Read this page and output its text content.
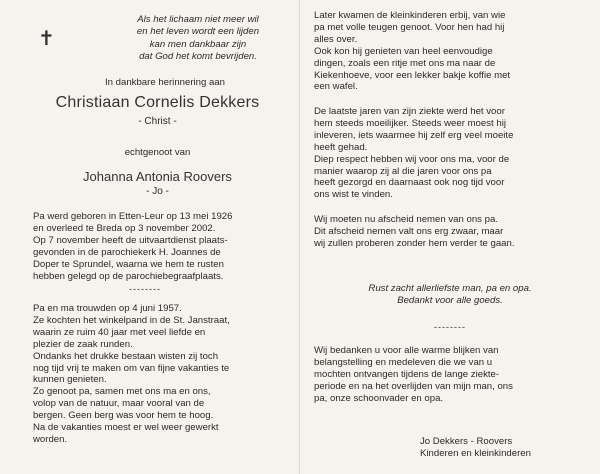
✝
Als het lichaam niet meer wil
en het leven wordt een lijden
kan men dankbaar zijn
dat God het komt bevrijden.
In dankbare herinnering aan
Christiaan Cornelis Dekkers
- Christ -
echtgenoot van
Johanna Antonia Roovers
- Jo -
Pa werd geboren in Etten-Leur op 13 mei 1926
en overleed te Breda op 3 november 2002.
Op 7 november heeft de uitvaartdienst plaats-
gevonden in de parochiekerk H. Joannes de
Doper te Sprundel, waarna we hem te rusten
hebben gelegd op de parochiebegraafplaats.
--------
Pa en ma trouwden op 4 juni 1957.
Ze kochten het winkelpand in de St. Janstraat,
waarin ze ruim 40 jaar met veel liefde en
plezier de zaak runden.
Ondanks het drukke bestaan wisten zij toch
nog tijd vrij te maken om van fijne vakanties te
kunnen genieten.
Zo genoot pa, samen met ons ma en ons,
volop van de natuur, maar vooral van de
bergen. Geen berg was voor hem te hoog.
Na de vakanties moest er wel weer gewerkt
worden.
Later kwamen de kleinkinderen erbij, van wie
pa met volle teugen genoot. Voor hen had hij
alles over.
Ook kon hij genieten van heel eenvoudige
dingen, zoals een ritje met ons ma naar de
Kiekenhoeve, voor een lekker bakje koffie met
een wafel.
De laatste jaren van zijn ziekte werd het voor
hem steeds moeilijker. Steeds weer moest hij
inleveren, iets waarmee hij zelf erg veel moeite
heeft gehad.
Diep respect hebben wij voor ons ma, voor de
manier waarop zij al die jaren voor ons pa
heeft gezorgd en daarnaast ook nog tijd voor
ons wist te vinden.
Wij moeten nu afscheid nemen van ons pa.
Dit afscheid nemen valt ons erg zwaar, maar
wij zullen proberen zonder hem verder te gaan.
Rust zacht allerliefste man, pa en opa.
Bedankt voor alle goeds.
--------
Wij bedanken u voor alle warme blijken van
belangstelling en medeleven die we van u
mochten ontvangen tijdens de lange ziekte-
periode en na het overlijden van mijn man, ons
pa, onze schoonvader en opa.
Jo Dekkers - Roovers
Kinderen en kleinkinderen
